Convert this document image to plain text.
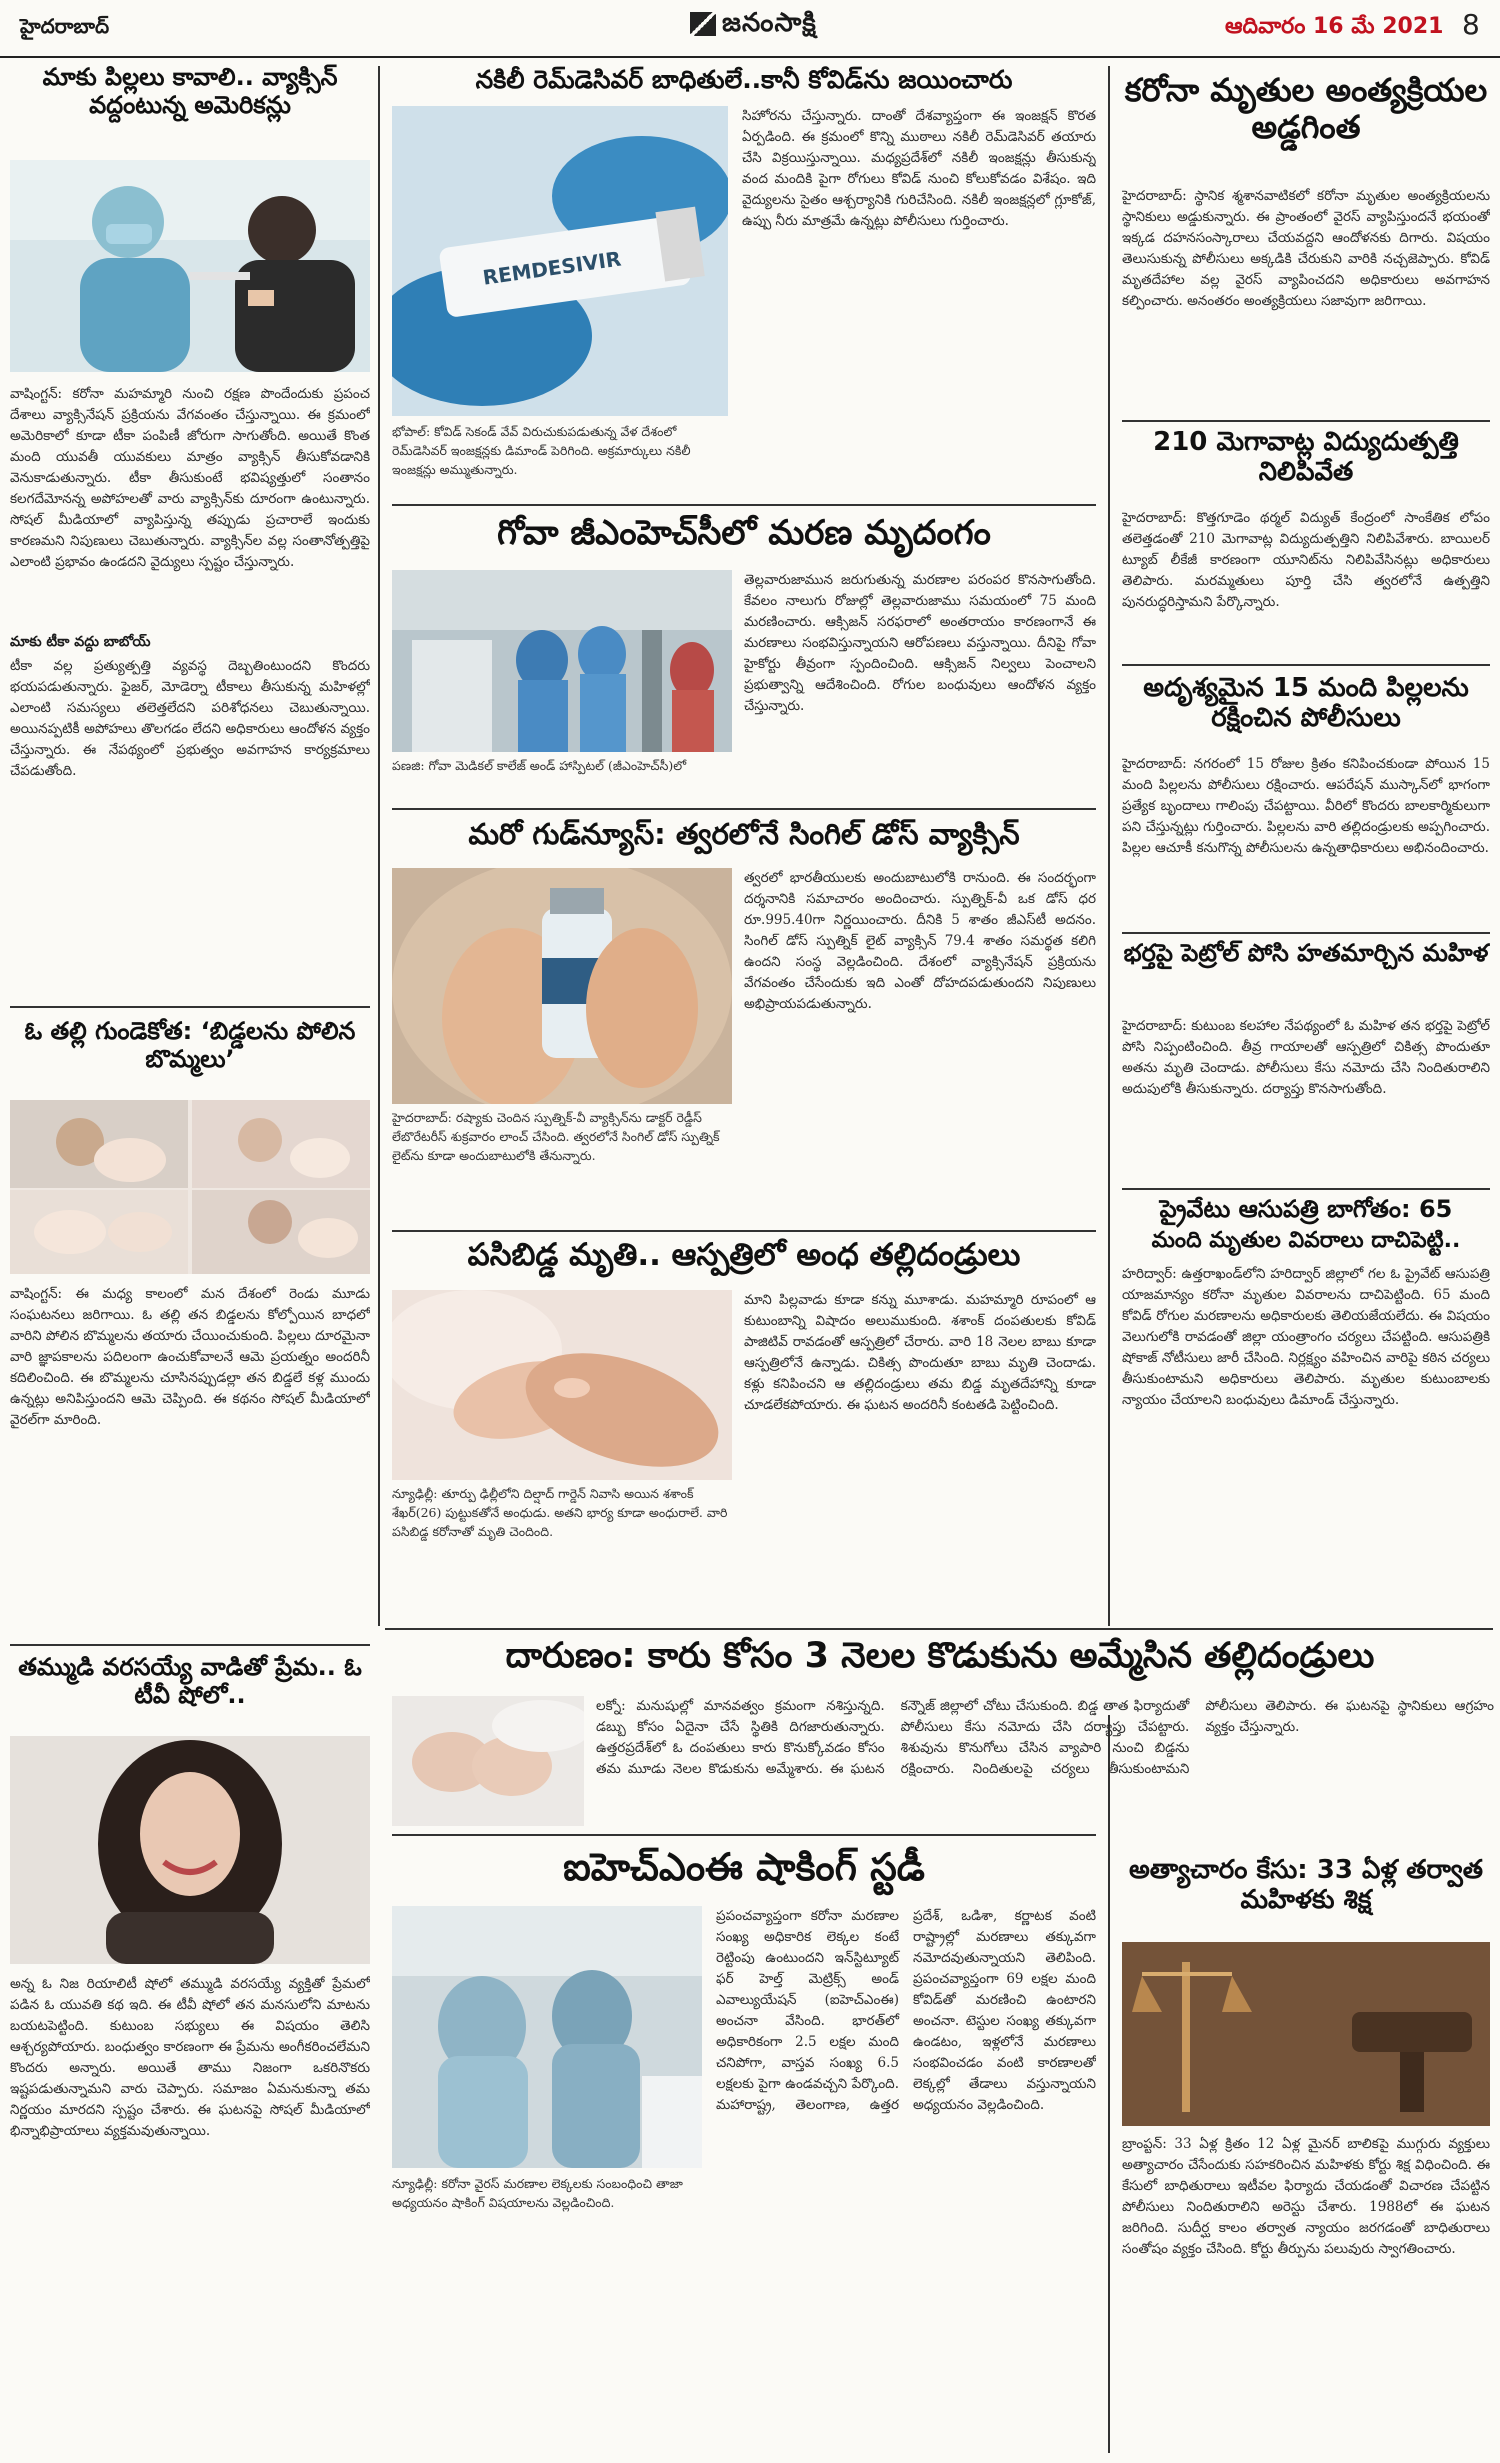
హైదరాబాద్	జనంసాక్షి	ఆదివారం 16 మే 2021 8
మాకు పిల్లలు కావాలి.. వ్యాక్సిన్ వద్దంటున్న అమెరికన్లు
వాషింగ్టన్: కరోనా మహమ్మారి నుంచి రక్షణ పొందేందుకు ప్రపంచ దేశాలు వ్యాక్సినేషన్ ప్రక్రియను వేగవంతం చేస్తున్నాయి. ఈ క్రమంలో అమెరికాలో కూడా టీకా పంపిణీ జోరుగా సాగుతోంది. అయితే కొంత మంది యువతీ యువకులు మాత్రం వ్యాక్సిన్ తీసుకోవడానికి వెనుకాడుతున్నారు. టీకా తీసుకుంటే భవిష్యత్తులో సంతానం కలగదేమోనన్న అపోహలతో వారు వ్యాక్సిన్‌కు దూరంగా ఉంటున్నారు. సోషల్ మీడియాలో వ్యాపిస్తున్న తప్పుడు ప్రచారాలే ఇందుకు కారణమని నిపుణులు చెబుతున్నారు. వ్యాక్సిన్‌ల వల్ల సంతానోత్పత్తిపై ఎలాంటి ప్రభావం ఉండదని వైద్యులు స్పష్టం చేస్తున్నారు.
మాకు టీకా వద్దు బాబోయ్
టీకా వల్ల ప్రత్యుత్పత్తి వ్యవస్థ దెబ్బతింటుందని కొందరు భయపడుతున్నారు. ఫైజర్, మోడెర్నా టీకాలు తీసుకున్న మహిళల్లో ఎలాంటి సమస్యలు తలెత్తలేదని పరిశోధనలు చెబుతున్నాయి. అయినప్పటికీ అపోహలు తొలగడం లేదని అధికారులు ఆందోళన వ్యక్తం చేస్తున్నారు. ఈ నేపథ్యంలో ప్రభుత్వం అవగాహన కార్యక్రమాలు చేపడుతోంది.
ఓ తల్లి గుండెకోత: ‘బిడ్డలను పోలిన బొమ్మలు’
వాషింగ్టన్: ఈ మధ్య కాలంలో మన దేశంలో రెండు మూడు సంఘటనలు జరిగాయి. ఓ తల్లి తన బిడ్డలను కోల్పోయిన బాధలో వారిని పోలిన బొమ్మలను తయారు చేయించుకుంది. పిల్లలు దూరమైనా వారి జ్ఞాపకాలను పదిలంగా ఉంచుకోవాలనే ఆమె ప్రయత్నం అందరినీ కదిలించింది. ఈ బొమ్మలను చూసినప్పుడల్లా తన బిడ్డలే కళ్ల ముందు ఉన్నట్లు అనిపిస్తుందని ఆమె చెప్పింది. ఈ కథనం సోషల్ మీడియాలో వైరల్‌గా మారింది.
తమ్ముడి వరసయ్యే వాడితో ప్రేమ.. ఓ టీవీ షోలో..
అన్న ఓ నిజ రియాలిటీ షోలో తమ్ముడి వరసయ్యే వ్యక్తితో ప్రేమలో పడిన ఓ యువతి కథ ఇది. ఈ టీవీ షోలో తన మనసులోని మాటను బయటపెట్టింది. కుటుంబ సభ్యులు ఈ విషయం తెలిసి ఆశ్చర్యపోయారు. బంధుత్వం కారణంగా ఈ ప్రేమను అంగీకరించలేమని కొందరు అన్నారు. అయితే తాము నిజంగా ఒకరినొకరు ఇష్టపడుతున్నామని వారు చెప్పారు. సమాజం ఏమనుకున్నా తమ నిర్ణయం మారదని స్పష్టం చేశారు. ఈ ఘటనపై సోషల్ మీడియాలో భిన్నాభిప్రాయాలు వ్యక్తమవుతున్నాయి.
నకిలీ రెమ్‌డెసివర్ బాధితులే..కానీ కోవిడ్‌ను జయించారు
REMDESIVIR
భోపాల్: కోవిడ్ సెకండ్ వేవ్ విరుచుకుపడుతున్న వేళ దేశంలో రెమ్‌డెసివర్ ఇంజక్షన్లకు డిమాండ్ పెరిగింది. అక్రమార్కులు నకిలీ ఇంజక్షన్లు అమ్ముతున్నారు.
సిహోరను చేస్తున్నారు. దాంతో దేశవ్యాప్తంగా ఈ ఇంజక్షన్ కొరత ఏర్పడింది. ఈ క్రమంలో కొన్ని ముఠాలు నకిలీ రెమ్‌డెసివర్ తయారు చేసి విక్రయిస్తున్నాయి. మధ్యప్రదేశ్‌లో నకిలీ ఇంజక్షన్లు తీసుకున్న వంద మందికి పైగా రోగులు కోవిడ్ నుంచి కోలుకోవడం విశేషం. ఇది వైద్యులను సైతం ఆశ్చర్యానికి గురిచేసింది. నకిలీ ఇంజక్షన్లలో గ్లూకోజ్, ఉప్పు నీరు మాత్రమే ఉన్నట్లు పోలీసులు గుర్తించారు.
గోవా జీఎంహెచ్‌సీలో మరణ మృదంగం
పణజి: గోవా మెడికల్ కాలేజ్ అండ్ హాస్పిటల్ (జీఎంహెచ్‌సీ)లో
తెల్లవారుజామున జరుగుతున్న మరణాల పరంపర కొనసాగుతోంది. కేవలం నాలుగు రోజుల్లో తెల్లవారుజాము సమయంలో 75 మంది మరణించారు. ఆక్సిజన్ సరఫరాలో అంతరాయం కారణంగానే ఈ మరణాలు సంభవిస్తున్నాయని ఆరోపణలు వస్తున్నాయి. దీనిపై గోవా హైకోర్టు తీవ్రంగా స్పందించింది. ఆక్సిజన్ నిల్వలు పెంచాలని ప్రభుత్వాన్ని ఆదేశించింది. రోగుల బంధువులు ఆందోళన వ్యక్తం చేస్తున్నారు.
మరో గుడ్‌న్యూస్: త్వరలోనే సింగిల్ డోస్ వ్యాక్సిన్
హైదరాబాద్: రష్యాకు చెందిన స్పుత్నిక్-వీ వ్యాక్సిన్‌ను డాక్టర్ రెడ్డీస్ లేబొరేటరీస్ శుక్రవారం లాంచ్ చేసింది. త్వరలోనే సింగిల్ డోస్ స్పుత్నిక్ లైట్‌ను కూడా అందుబాటులోకి తేనున్నారు.
త్వరలో భారతీయులకు అందుబాటులోకి రానుంది. ఈ సందర్భంగా దర్శనానికి సమాచారం అందించారు. స్పుత్నిక్-వీ ఒక డోస్ ధర రూ.995.40గా నిర్ణయించారు. దీనికి 5 శాతం జీఎస్‌టీ అదనం. సింగిల్ డోస్ స్పుత్నిక్ లైట్ వ్యాక్సిన్ 79.4 శాతం సమర్థత కలిగి ఉందని సంస్థ వెల్లడించింది. దేశంలో వ్యాక్సినేషన్ ప్రక్రియను వేగవంతం చేసేందుకు ఇది ఎంతో దోహదపడుతుందని నిపుణులు అభిప్రాయపడుతున్నారు.
పసిబిడ్డ మృతి.. ఆస్పత్రిలో అంధ తల్లిదండ్రులు
న్యూఢిల్లీ: తూర్పు ఢిల్లీలోని దిల్షాద్ గార్డెన్ నివాసి అయిన శశాంక్ శేఖర్(26) పుట్టుకతోనే అంధుడు. అతని భార్య కూడా అంధురాలే. వారి పసిబిడ్డ కరోనాతో మృతి చెందింది.
మాని పిల్లవాడు కూడా కన్ను మూశాడు. మహమ్మారి రూపంలో ఆ కుటుంబాన్ని విషాదం అలుముకుంది. శశాంక్ దంపతులకు కోవిడ్ పాజిటివ్ రావడంతో ఆస్పత్రిలో చేరారు. వారి 18 నెలల బాబు కూడా ఆస్పత్రిలోనే ఉన్నాడు. చికిత్స పొందుతూ బాబు మృతి చెందాడు. కళ్లు కనిపించని ఆ తల్లిదండ్రులు తమ బిడ్డ మృతదేహాన్ని కూడా చూడలేకపోయారు. ఈ ఘటన అందరినీ కంటతడి పెట్టించింది.
కరోనా మృతుల అంత్యక్రియల అడ్డగింత
హైదరాబాద్: స్థానిక శ్మశానవాటికలో కరోనా మృతుల అంత్యక్రియలను స్థానికులు అడ్డుకున్నారు. ఈ ప్రాంతంలో వైరస్ వ్యాపిస్తుందనే భయంతో ఇక్కడ దహనసంస్కారాలు చేయవద్దని ఆందోళనకు దిగారు. విషయం తెలుసుకున్న పోలీసులు అక్కడికి చేరుకుని వారికి నచ్చజెప్పారు. కోవిడ్ మృతదేహాల వల్ల వైరస్ వ్యాపించదని అధికారులు అవగాహన కల్పించారు. అనంతరం అంత్యక్రియలు సజావుగా జరిగాయి.
210 మెగావాట్ల విద్యుదుత్పత్తి నిలిపివేత
హైదరాబాద్: కొత్తగూడెం థర్మల్ విద్యుత్ కేంద్రంలో సాంకేతిక లోపం తలెత్తడంతో 210 మెగావాట్ల విద్యుదుత్పత్తిని నిలిపివేశారు. బాయిలర్ ట్యూబ్ లీకేజీ కారణంగా యూనిట్‌ను నిలిపివేసినట్లు అధికారులు తెలిపారు. మరమ్మతులు పూర్తి చేసి త్వరలోనే ఉత్పత్తిని పునరుద్ధరిస్తామని పేర్కొన్నారు.
అదృశ్యమైన 15 మంది పిల్లలను రక్షించిన పోలీసులు
హైదరాబాద్: నగరంలో 15 రోజుల క్రితం కనిపించకుండా పోయిన 15 మంది పిల్లలను పోలీసులు రక్షించారు. ఆపరేషన్ ముస్కాన్‌లో భాగంగా ప్రత్యేక బృందాలు గాలింపు చేపట్టాయి. వీరిలో కొందరు బాలకార్మికులుగా పని చేస్తున్నట్లు గుర్తించారు. పిల్లలను వారి తల్లిదండ్రులకు అప్పగించారు. పిల్లల ఆచూకీ కనుగొన్న పోలీసులను ఉన్నతాధికారులు అభినందించారు.
భర్తపై పెట్రోల్ పోసి హతమార్చిన మహిళ
హైదరాబాద్: కుటుంబ కలహాల నేపథ్యంలో ఓ మహిళ తన భర్తపై పెట్రోల్ పోసి నిప్పంటించింది. తీవ్ర గాయాలతో ఆస్పత్రిలో చికిత్స పొందుతూ అతను మృతి చెందాడు. పోలీసులు కేసు నమోదు చేసి నిందితురాలిని అదుపులోకి తీసుకున్నారు. దర్యాప్తు కొనసాగుతోంది.
ప్రైవేటు ఆసుపత్రి బాగోతం: 65
మంది మృతుల వివరాలు దాచిపెట్టి..
హరిద్వార్: ఉత్తరాఖండ్‌లోని హరిద్వార్ జిల్లాలో గల ఓ ప్రైవేట్ ఆసుపత్రి యాజమాన్యం కరోనా మృతుల వివరాలను దాచిపెట్టింది. 65 మంది కోవిడ్ రోగుల మరణాలను అధికారులకు తెలియజేయలేదు. ఈ విషయం వెలుగులోకి రావడంతో జిల్లా యంత్రాంగం చర్యలు చేపట్టింది. ఆసుపత్రికి షోకాజ్ నోటీసులు జారీ చేసింది. నిర్లక్ష్యం వహించిన వారిపై కఠిన చర్యలు తీసుకుంటామని అధికారులు తెలిపారు. మృతుల కుటుంబాలకు న్యాయం చేయాలని బంధువులు డిమాండ్ చేస్తున్నారు.
దారుణం: కారు కోసం 3 నెలల కొడుకును అమ్మేసిన తల్లిదండ్రులు
లక్నో: మనుషుల్లో మానవత్వం క్రమంగా నశిస్తున్నది. డబ్బు కోసం ఏదైనా చేసే స్థితికి దిగజారుతున్నారు. ఉత్తరప్రదేశ్‌లో ఓ దంపతులు కారు కొనుక్కోవడం కోసం తమ మూడు నెలల కొడుకును అమ్మేశారు. ఈ ఘటన కన్నౌజ్ జిల్లాలో చోటు చేసుకుంది. బిడ్డ తాత ఫిర్యాదుతో పోలీసులు కేసు నమోదు చేసి దర్యాప్తు చేపట్టారు. శిశువును కొనుగోలు చేసిన వ్యాపారి నుంచి బిడ్డను రక్షించారు. నిందితులపై చర్యలు తీసుకుంటామని పోలీసులు తెలిపారు. ఈ ఘటనపై స్థానికులు ఆగ్రహం వ్యక్తం చేస్తున్నారు.
ఐహెచ్ఎంఈ షాకింగ్ స్టడీ
న్యూఢిల్లీ: కరోనా వైరస్ మరణాల లెక్కలకు సంబంధించి తాజా అధ్యయనం షాకింగ్ విషయాలను వెల్లడించింది.
ప్రపంచవ్యాప్తంగా కరోనా మరణాల సంఖ్య అధికారిక లెక్కల కంటే రెట్టింపు ఉంటుందని ఇన్‌స్టిట్యూట్ ఫర్ హెల్త్ మెట్రిక్స్ అండ్ ఎవాల్యుయేషన్ (ఐహెచ్ఎంఈ) అంచనా వేసింది. భారత్‌లో అధికారికంగా 2.5 లక్షల మంది చనిపోగా, వాస్తవ సంఖ్య 6.5 లక్షలకు పైగా ఉండవచ్చని పేర్కొంది. మహారాష్ట్ర, తెలంగాణ, ఉత్తర ప్రదేశ్, ఒడిశా, కర్ణాటక వంటి రాష్ట్రాల్లో మరణాలు తక్కువగా నమోదవుతున్నాయని తెలిపింది. ప్రపంచవ్యాప్తంగా 69 లక్షల మంది కోవిడ్‌తో మరణించి ఉంటారని అంచనా. టెస్టుల సంఖ్య తక్కువగా ఉండటం, ఇళ్లలోనే మరణాలు సంభవించడం వంటి కారణాలతో లెక్కల్లో తేడాలు వస్తున్నాయని అధ్యయనం వెల్లడించింది.
అత్యాచారం కేసు: 33 ఏళ్ల తర్వాత మహిళకు శిక్ష
బ్రాంప్టన్: 33 ఏళ్ల క్రితం 12 ఏళ్ల మైనర్ బాలికపై ముగ్గురు వ్యక్తులు అత్యాచారం చేసేందుకు సహకరించిన మహిళకు కోర్టు శిక్ష విధించింది. ఈ కేసులో బాధితురాలు ఇటీవల ఫిర్యాదు చేయడంతో విచారణ చేపట్టిన పోలీసులు నిందితురాలిని అరెస్టు చేశారు. 1988లో ఈ ఘటన జరిగింది. సుదీర్ఘ కాలం తర్వాత న్యాయం జరగడంతో బాధితురాలు సంతోషం వ్యక్తం చేసింది. కోర్టు తీర్పును పలువురు స్వాగతించారు.
